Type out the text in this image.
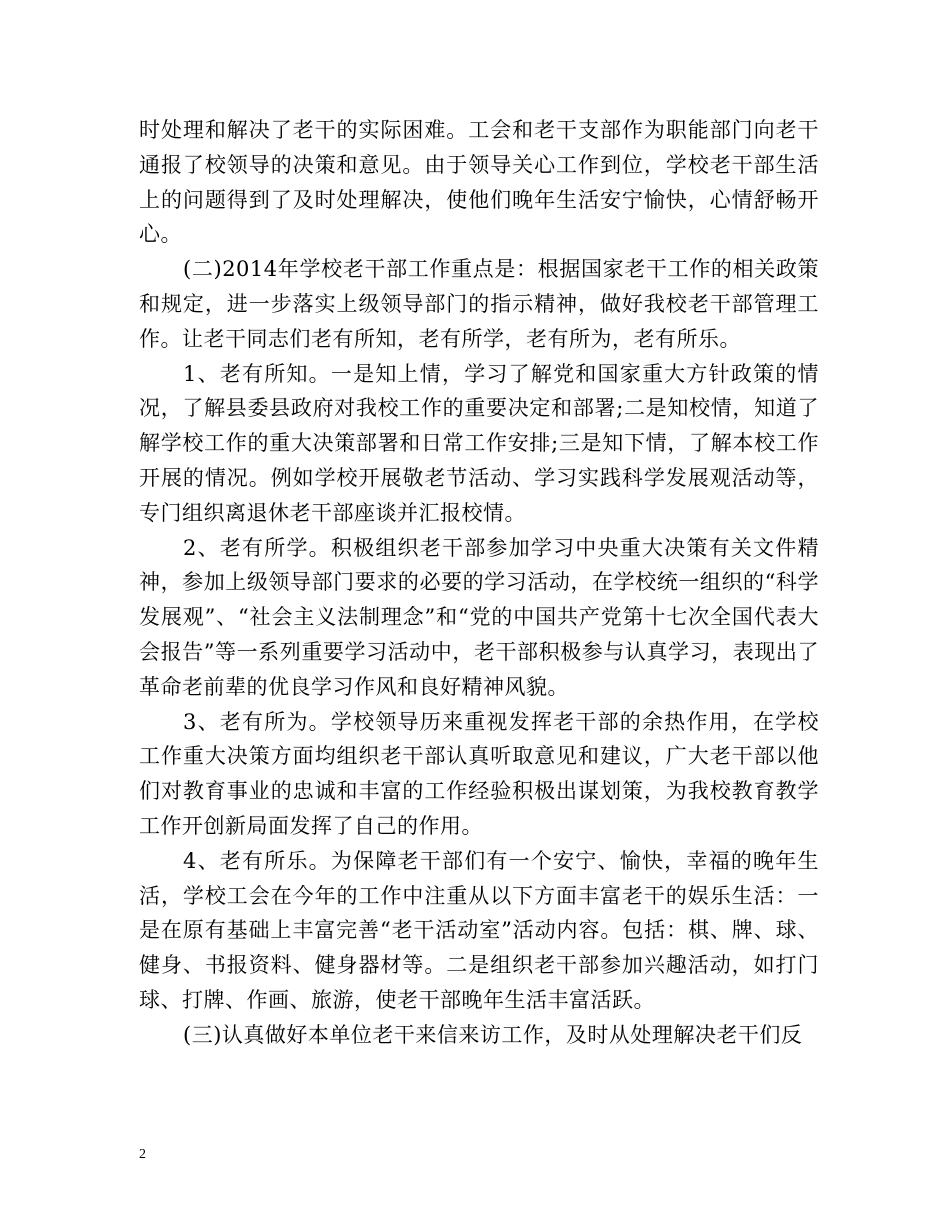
时处理和解决了老干的实际困难。工会和老干支部作为职能部门向老干通报了校领导的决策和意见。由于领导关心工作到位，学校老干部生活上的问题得到了及时处理解决，使他们晚年生活安宁愉快，心情舒畅开心。

(二)2014年学校老干部工作重点是：根据国家老干工作的相关政策和规定，进一步落实上级领导部门的指示精神，做好我校老干部管理工作。让老干同志们老有所知，老有所学，老有所为，老有所乐。

1、老有所知。一是知上情，学习了解党和国家重大方针政策的情况，了解县委县政府对我校工作的重要决定和部署;二是知校情，知道了解学校工作的重大决策部署和日常工作安排;三是知下情，了解本校工作开展的情况。例如学校开展敬老节活动、学习实践科学发展观活动等，专门组织离退休老干部座谈并汇报校情。

2、老有所学。积极组织老干部参加学习中央重大决策有关文件精神，参加上级领导部门要求的必要的学习活动，在学校统一组织的“科学发展观”、“社会主义法制理念”和“党的中国共产党第十七次全国代表大会报告”等一系列重要学习活动中，老干部积极参与认真学习，表现出了革命老前辈的优良学习作风和良好精神风貌。

3、老有所为。学校领导历来重视发挥老干部的余热作用，在学校工作重大决策方面均组织老干部认真听取意见和建议，广大老干部以他们对教育事业的忠诚和丰富的工作经验积极出谋划策，为我校教育教学工作开创新局面发挥了自己的作用。

4、老有所乐。为保障老干部们有一个安宁、愉快，幸福的晚年生活，学校工会在今年的工作中注重从以下方面丰富老干的娱乐生活：一是在原有基础上丰富完善“老干活动室”活动内容。包括：棋、牌、球、健身、书报资料、健身器材等。二是组织老干部参加兴趣活动，如打门球、打牌、作画、旅游，使老干部晚年生活丰富活跃。

(三)认真做好本单位老干来信来访工作，及时从处理解决老干们反

2
